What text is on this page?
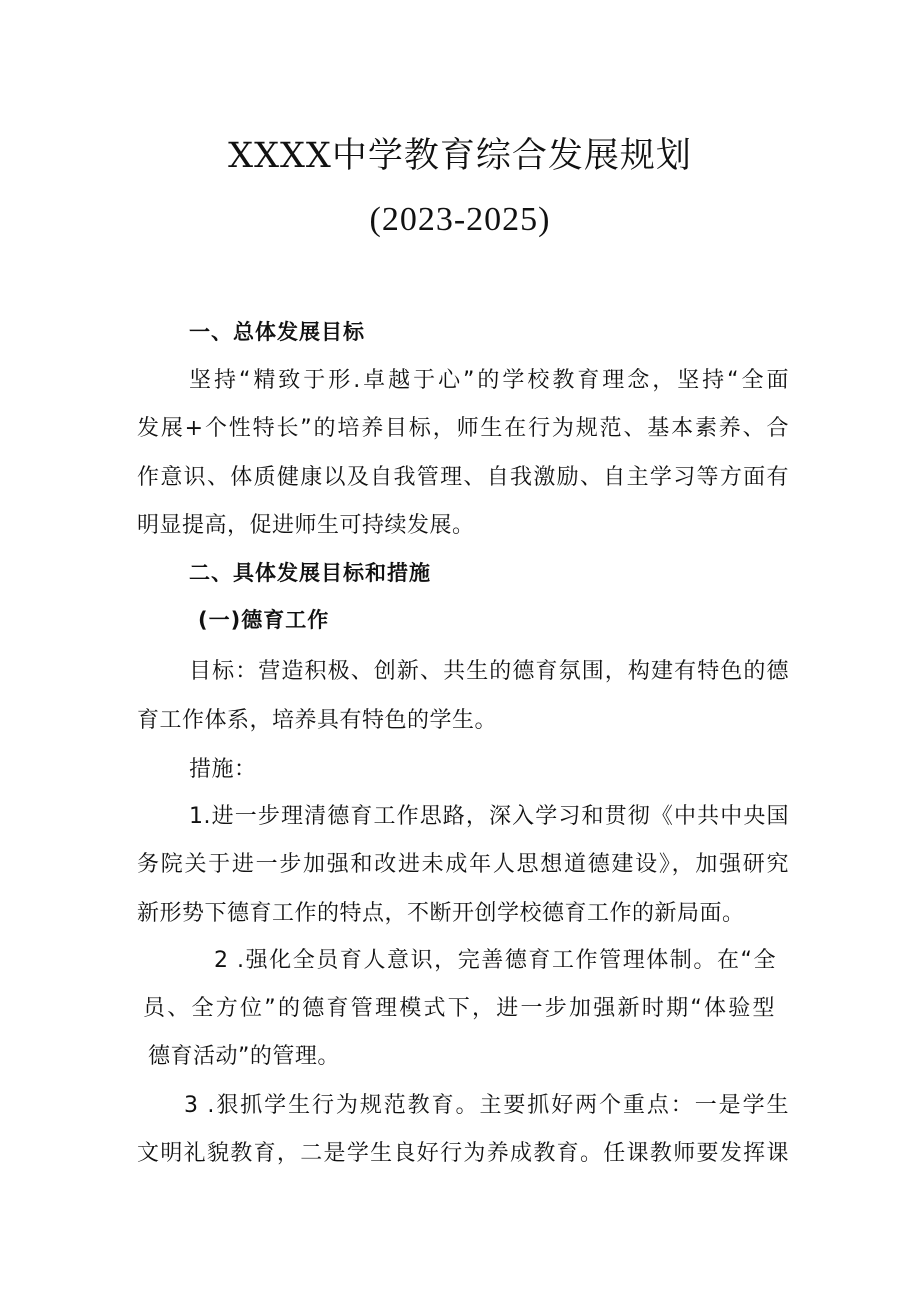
XXXX中学教育综合发展规划
(2023-2025)
一、总体发展目标
坚持“精致于形.卓越于心”的学校教育理念，坚持“全面
发展+个性特长”的培养目标，师生在行为规范、基本素养、合
作意识、体质健康以及自我管理、自我激励、自主学习等方面有
明显提高，促进师生可持续发展。
二、具体发展目标和措施
(一)德育工作
目标：营造积极、创新、共生的德育氛围，构建有特色的德
育工作体系，培养具有特色的学生。
措施：
1.进一步理清德育工作思路，深入学习和贯彻《中共中央国
务院关于进一步加强和改进未成年人思想道德建设》，加强研究
新形势下德育工作的特点，不断开创学校德育工作的新局面。
2 .强化全员育人意识，完善德育工作管理体制。在“全
员、全方位”的德育管理模式下，进一步加强新时期“体验型
德育活动”的管理。
3 .狠抓学生行为规范教育。主要抓好两个重点：一是学生
文明礼貌教育，二是学生良好行为养成教育。任课教师要发挥课
